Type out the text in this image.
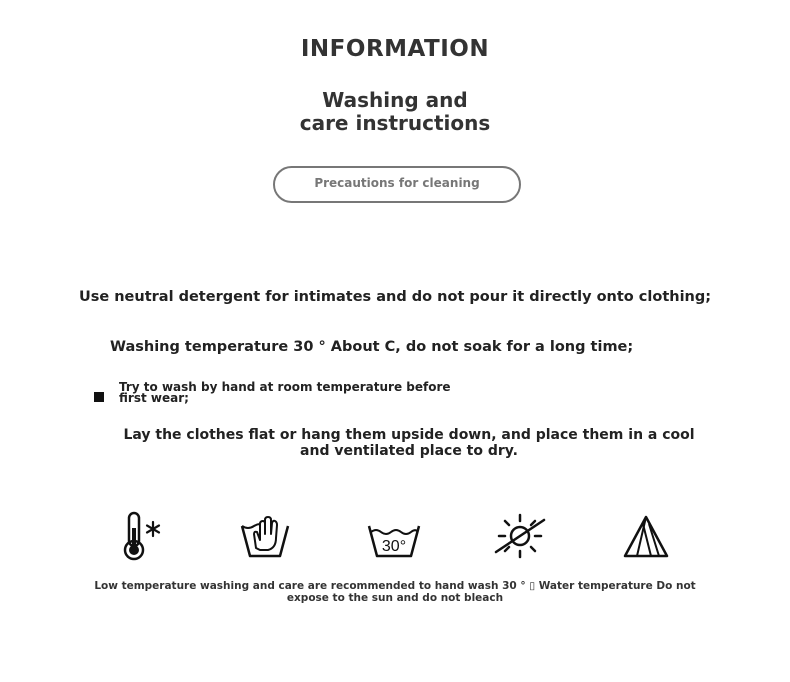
INFORMATION
Washing and
care instructions
Precautions for cleaning
Use neutral detergent for intimates and do not pour it directly onto clothing;
Washing temperature 30 ° About C, do not soak for a long time;
Try to wash by hand at room temperature before first wear;
Lay the clothes flat or hang them upside down, and place them in a cool and ventilated place to dry.
30°
Low temperature washing and care are recommended to hand wash 30 ° ▯ Water temperature Do not expose to the sun and do not bleach
